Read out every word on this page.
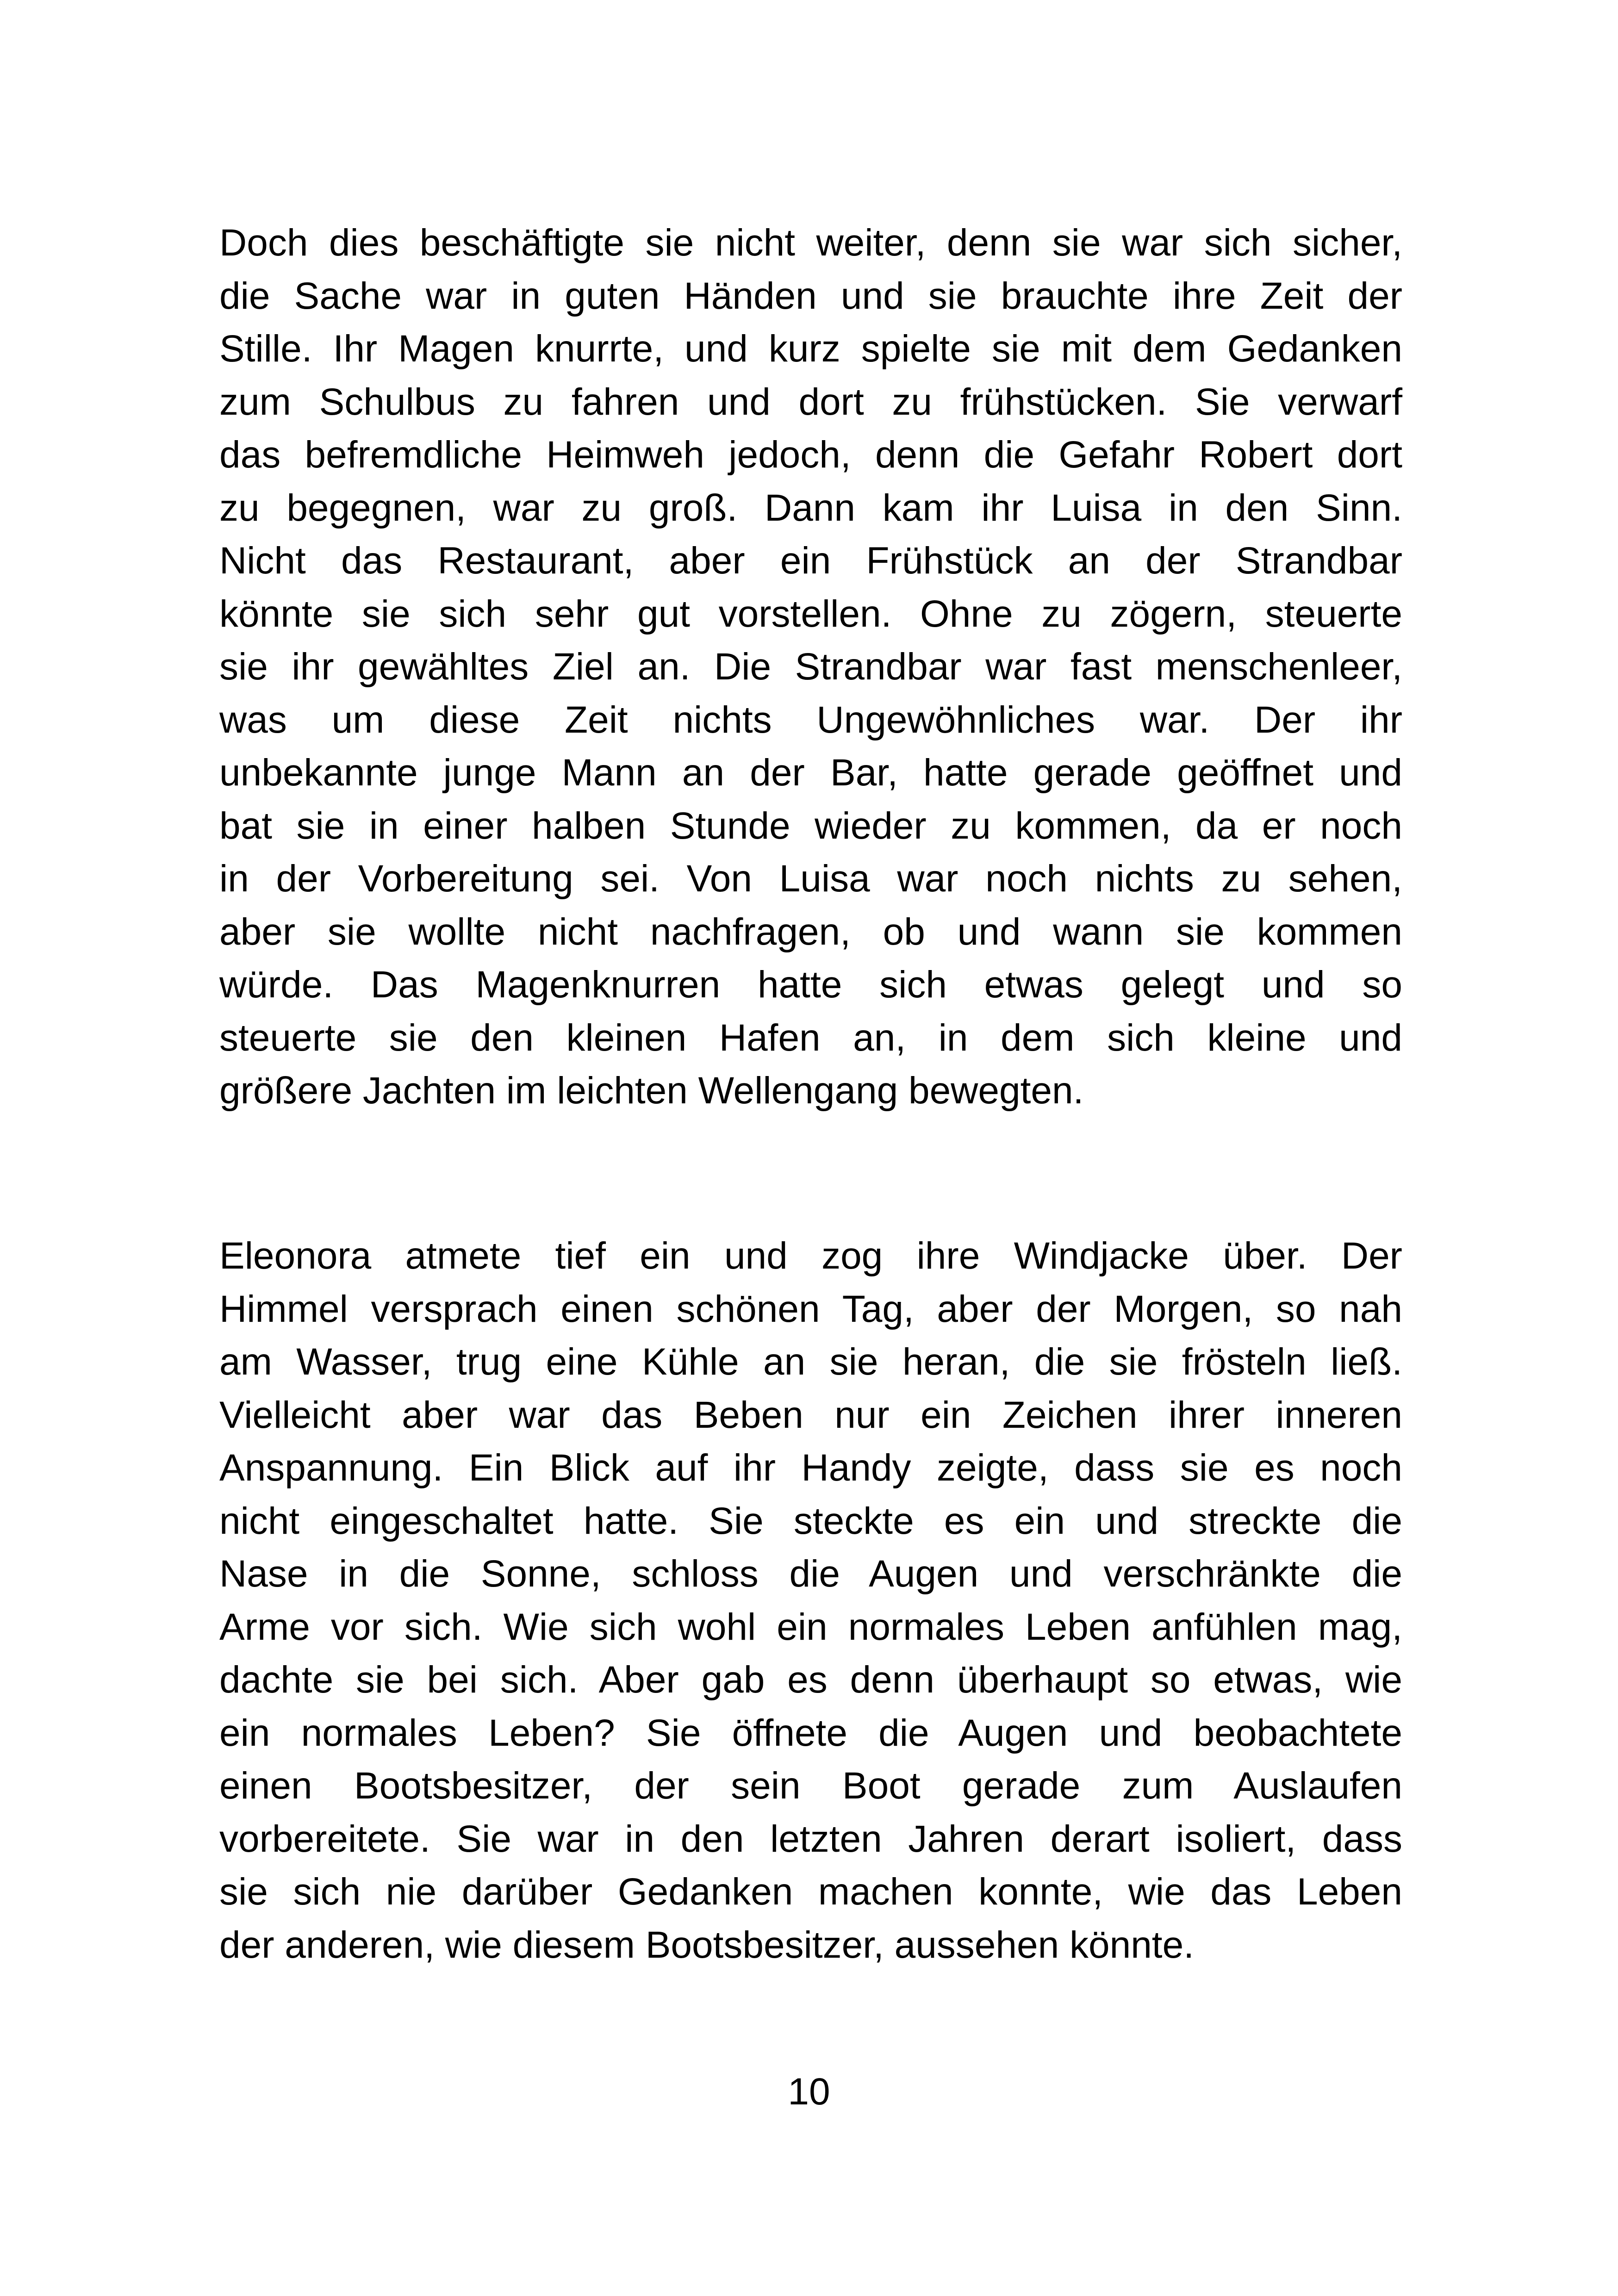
Doch dies beschäftigte sie nicht weiter, denn sie war sich sicher,
die Sache war in guten Händen und sie brauchte ihre Zeit der
Stille. Ihr Magen knurrte, und kurz spielte sie mit dem Gedanken
zum Schulbus zu fahren und dort zu frühstücken. Sie verwarf
das befremdliche Heimweh jedoch, denn die Gefahr Robert dort
zu begegnen, war zu groß. Dann kam ihr Luisa in den Sinn.
Nicht das Restaurant, aber ein Frühstück an der Strandbar
könnte sie sich sehr gut vorstellen. Ohne zu zögern, steuerte
sie ihr gewähltes Ziel an. Die Strandbar war fast menschenleer,
was um diese Zeit nichts Ungewöhnliches war. Der ihr
unbekannte junge Mann an der Bar, hatte gerade geöffnet und
bat sie in einer halben Stunde wieder zu kommen, da er noch
in der Vorbereitung sei. Von Luisa war noch nichts zu sehen,
aber sie wollte nicht nachfragen, ob und wann sie kommen
würde. Das Magenknurren hatte sich etwas gelegt und so
steuerte sie den kleinen Hafen an, in dem sich kleine und
größere Jachten im leichten Wellengang bewegten.
Eleonora atmete tief ein und zog ihre Windjacke über. Der
Himmel versprach einen schönen Tag, aber der Morgen, so nah
am Wasser, trug eine Kühle an sie heran, die sie frösteln ließ.
Vielleicht aber war das Beben nur ein Zeichen ihrer inneren
Anspannung. Ein Blick auf ihr Handy zeigte, dass sie es noch
nicht eingeschaltet hatte. Sie steckte es ein und streckte die
Nase in die Sonne, schloss die Augen und verschränkte die
Arme vor sich. Wie sich wohl ein normales Leben anfühlen mag,
dachte sie bei sich. Aber gab es denn überhaupt so etwas, wie
ein normales Leben? Sie öffnete die Augen und beobachtete
einen Bootsbesitzer, der sein Boot gerade zum Auslaufen
vorbereitete. Sie war in den letzten Jahren derart isoliert, dass
sie sich nie darüber Gedanken machen konnte, wie das Leben
der anderen, wie diesem Bootsbesitzer, aussehen könnte.
10
